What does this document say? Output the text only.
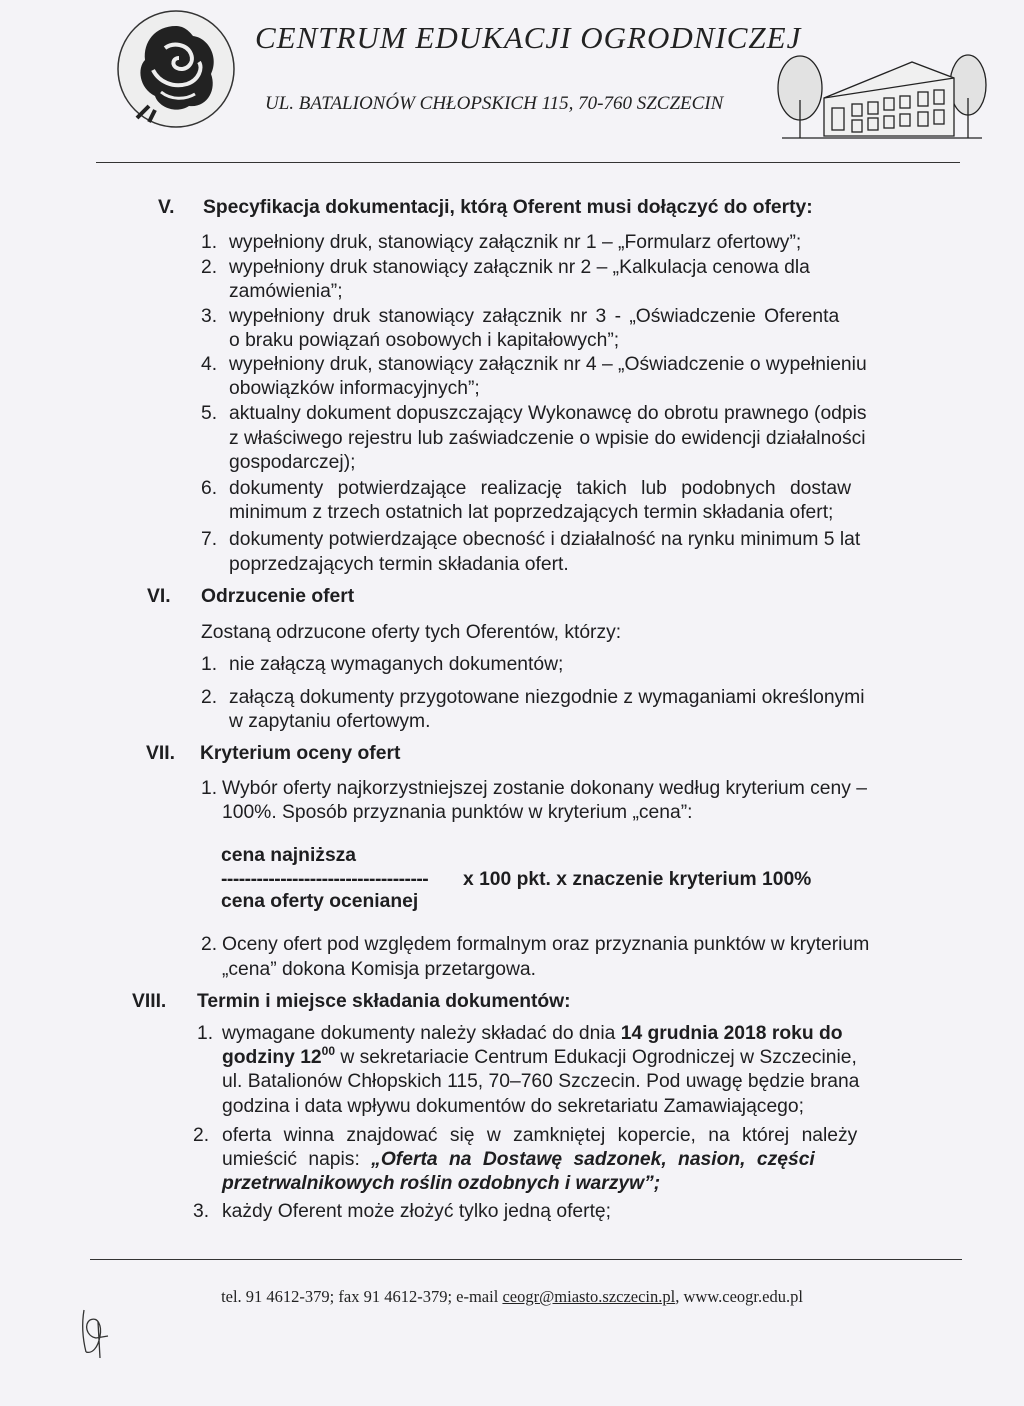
CENTRUM EDUKACJI OGRODNICZEJ
UL. BATALIONÓW CHŁOPSKICH 115, 70-760 SZCZECIN
V. Specyfikacja dokumentacji, którą Oferent musi dołączyć do oferty:
1. wypełniony druk, stanowiący załącznik nr 1 – „Formularz ofertowy”;
2. wypełniony druk stanowiący załącznik nr 2 – „Kalkulacja cenowa dla
zamówienia”;
3. wypełniony druk stanowiący załącznik nr 3 - „Oświadczenie Oferenta
o braku powiązań osobowych i kapitałowych”;
4. wypełniony druk, stanowiący załącznik nr 4 – „Oświadczenie o wypełnieniu
obowiązków informacyjnych”;
5. aktualny dokument dopuszczający Wykonawcę do obrotu prawnego (odpis
z właściwego rejestru lub zaświadczenie o wpisie do ewidencji działalności
gospodarczej);
6. dokumenty potwierdzające realizację takich lub podobnych dostaw
minimum z trzech ostatnich lat poprzedzających termin składania ofert;
7. dokumenty potwierdzające obecność i działalność na rynku minimum 5 lat
poprzedzających termin składania ofert.
VI. Odrzucenie ofert
Zostaną odrzucone oferty tych Oferentów, którzy:
1. nie załączą wymaganych dokumentów;
2. załączą dokumenty przygotowane niezgodnie z wymaganiami określonymi
w zapytaniu ofertowym.
VII. Kryterium oceny ofert
1. Wybór oferty najkorzystniejszej zostanie dokonany według kryterium ceny –
100%. Sposób przyznania punktów w kryterium „cena”:
cena najniższa
----------------------------------- x 100 pkt. x znaczenie kryterium 100%
cena oferty ocenianej
2. Oceny ofert pod względem formalnym oraz przyznania punktów w kryterium
„cena” dokona Komisja przetargowa.
VIII. Termin i miejsce składania dokumentów:
1. wymagane dokumenty należy składać do dnia 14 grudnia 2018 roku do
godziny $12^{00}$ w sekretariacie Centrum Edukacji Ogrodniczej w Szczecinie,
ul. Batalionów Chłopskich 115, 70–760 Szczecin. Pod uwagę będzie brana
godzina i data wpływu dokumentów do sekretariatu Zamawiającego;
2. oferta winna znajdować się w zamkniętej kopercie, na której należy
umieścić napis: „Oferta na Dostawę sadzonek, nasion, części
przetrwalnikowych roślin ozdobnych i warzyw”;
3. każdy Oferent może złożyć tylko jedną ofertę;
tel. 91 4612-379; fax 91 4612-379; e-mail ceogr@miasto.szczecin.pl, www.ceogr.edu.pl
